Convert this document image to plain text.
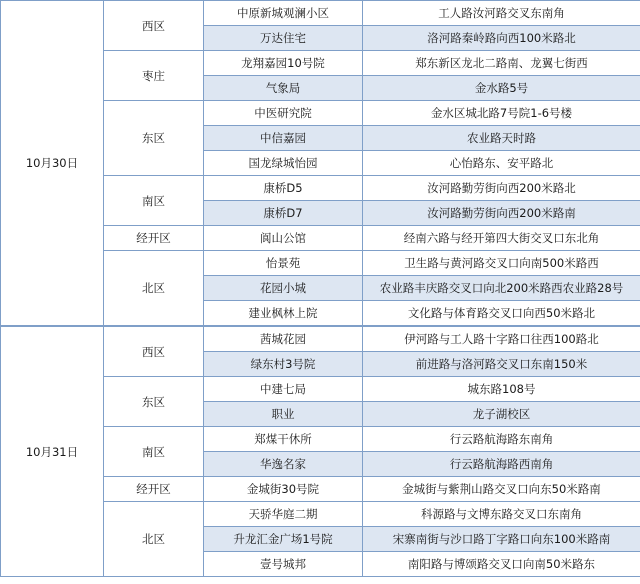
10月30日	西区	中原新城观澜小区	工人路汝河路交叉东南角
		万达住宅	洛河路秦岭路向西100米路北
	枣庄	龙翔嘉园10号院	郑东新区龙北二路南、龙翼七街西
		气象局	金水路5号
	东区	中医研究院	金水区城北路7号院1-6号楼
		中信嘉园	农业路天时路
		国龙绿城怡园	心怡路东、安平路北
	南区	康桥D5	汝河路勤劳街向西200米路北
		康桥D7	汝河路勤劳街向西200米路南
	经开区	阆山公馆	经南六路与经开第四大街交叉口东北角
	北区	怡景苑	卫生路与黄河路交叉口向南500米路西
		花园小城	农业路丰庆路交叉口向北200米路西农业路28号
		建业枫林上院	文化路与体育路交叉口向西50米路北
10月31日	西区	茜城花园	伊河路与工人路十字路口往西100路北
		绿东村3号院	前进路与洛河路交叉口东南150米
	东区	中建七局	城东路108号
		职业	龙子湖校区
	南区	郑煤干休所	行云路航海路东南角
		华逸名家	行云路航海路西南角
	经开区	金城街30号院	金城街与紫荆山路交叉口向东50米路南
	北区	天骄华庭二期	科源路与文博东路交叉口东南角
		升龙汇金广场1号院	宋寨南街与沙口路丁字路口向东100米路南
		壹号城邦	南阳路与博颂路交叉口向南50米路东
